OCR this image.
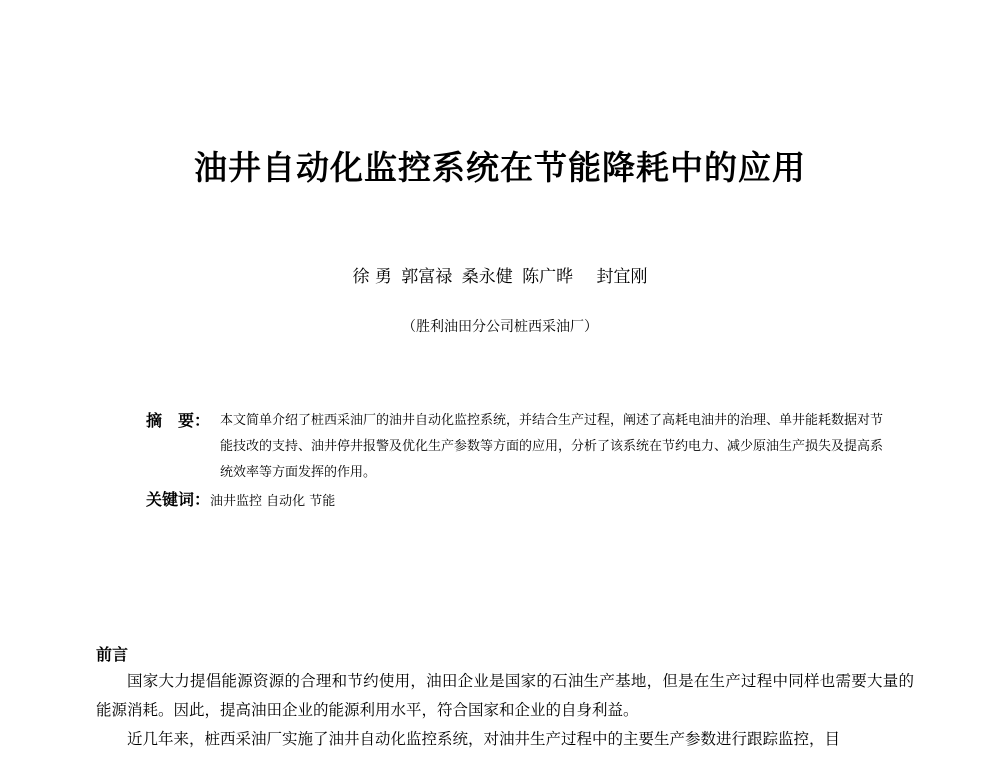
油井自动化监控系统在节能降耗中的应用
徐 勇 郭富禄 桑永健 陈广晔 封宜刚
（胜利油田分公司桩西采油厂）
摘　要： 本文简单介绍了桩西采油厂的油井自动化监控系统，并结合生产过程，阐述了高耗电油井的治理、单井能耗数据对节能技改的支持、油井停井报警及优化生产参数等方面的应用，分析了该系统在节约电力、减少原油生产损失及提高系统效率等方面发挥的作用。
关键词：油井监控 自动化 节能
前言
国家大力提倡能源资源的合理和节约使用，油田企业是国家的石油生产基地，但是在生产过程中同样也需要大量的能源消耗。因此，提高油田企业的能源利用水平，符合国家和企业的自身利益。
近几年来，桩西采油厂实施了油井自动化监控系统，对油井生产过程中的主要生产参数进行跟踪监控，目
